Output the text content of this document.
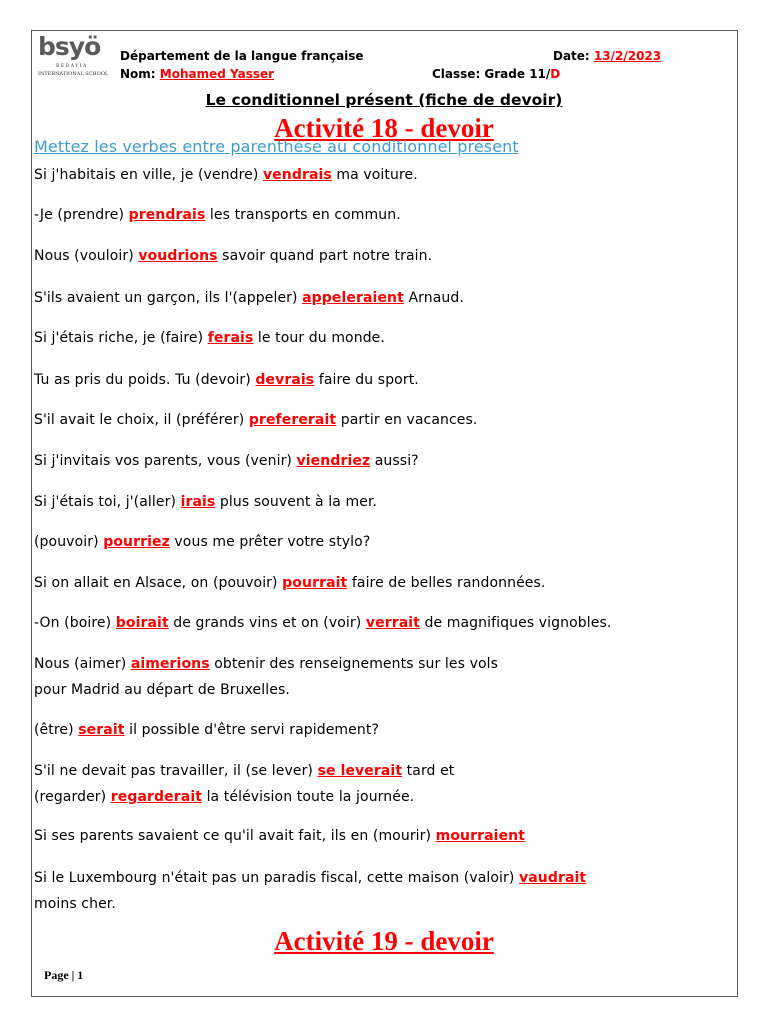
bsyö
BEDAYIA
INTERNATIONAL SCHOOL
Département de la langue française	Date: 13/2/2023
Nom: Mohamed Yasser	Classe: Grade 11/D
Le conditionnel présent (fiche de devoir)
Activité 18 - devoir
Mettez les verbes entre parenthèse au conditionnel présent
Si j'habitais en ville, je (vendre) vendrais ma voiture.
-Je (prendre) prendrais les transports en commun.
Nous (vouloir) voudrions savoir quand part notre train.
S'ils avaient un garçon, ils l'(appeler) appeleraient Arnaud.
Si j'étais riche, je (faire) ferais le tour du monde.
Tu as pris du poids. Tu (devoir) devrais faire du sport.
S'il avait le choix, il (préférer) prefererait partir en vacances.
Si j'invitais vos parents, vous (venir) viendriez aussi?
Si j'étais toi, j'(aller) irais plus souvent à la mer.
(pouvoir) pourriez vous me prêter votre stylo?
Si on allait en Alsace, on (pouvoir) pourrait faire de belles randonnées.
-On (boire) boirait de grands vins et on (voir) verrait de magnifiques vignobles.
Nous (aimer) aimerions obtenir des renseignements sur les vols
pour Madrid au départ de Bruxelles.
(être) serait il possible d'être servi rapidement?
S'il ne devait pas travailler, il (se lever) se leverait tard et
(regarder) regarderait la télévision toute la journée.
Si ses parents savaient ce qu'il avait fait, ils en (mourir) mourraient
Si le Luxembourg n'était pas un paradis fiscal, cette maison (valoir) vaudrait
moins cher.
Activité 19 - devoir
Page | 1
